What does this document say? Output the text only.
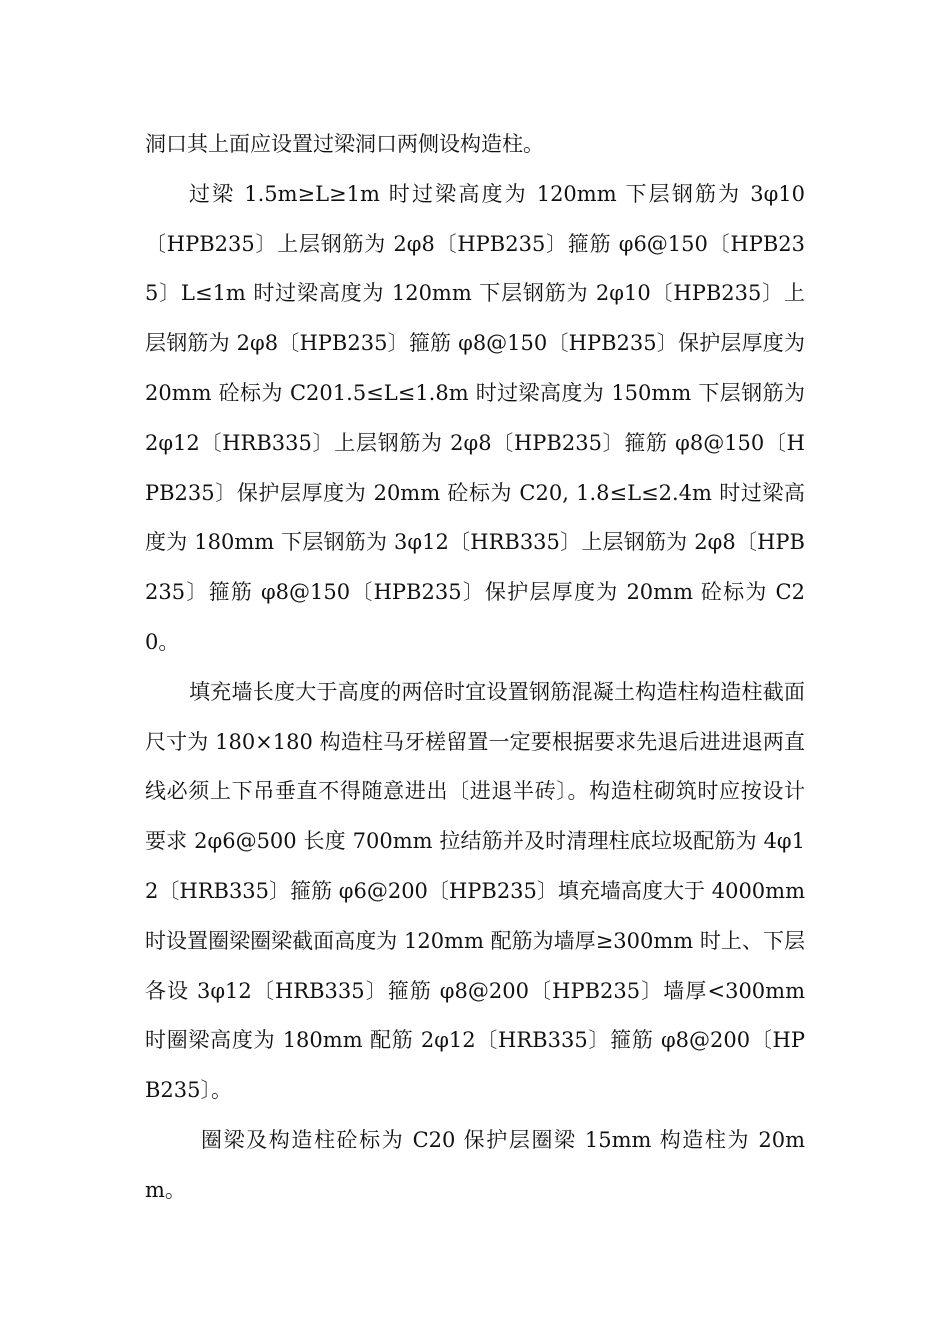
洞口其上面应设置过梁洞口两侧设构造柱。

过梁 1.5m≥L≥1m 时过梁高度为 120mm 下层钢筋为 3φ10〔HPB235〕上层钢筋为 2φ8〔HPB235〕箍筋 φ6@150〔HPB235〕L≤1m 时过梁高度为 120mm 下层钢筋为 2φ10〔HPB235〕上层钢筋为 2φ8〔HPB235〕箍筋 φ8@150〔HPB235〕保护层厚度为 20mm 砼标为 C201.5≤L≤1.8m 时过梁高度为 150mm 下层钢筋为 2φ12〔HRB335〕上层钢筋为 2φ8〔HPB235〕箍筋 φ8@150〔HPB235〕保护层厚度为 20mm 砼标为 C20, 1.8≤L≤2.4m 时过梁高度为 180mm 下层钢筋为 3φ12〔HRB335〕上层钢筋为 2φ8〔HPB235〕箍筋 φ8@150〔HPB235〕保护层厚度为 20mm 砼标为 C20。

填充墙长度大于高度的两倍时宜设置钢筋混凝土构造柱构造柱截面尺寸为 180×180 构造柱马牙槎留置一定要根据要求先退后进进退两直线必须上下吊垂直不得随意进出〔进退半砖〕。构造柱砌筑时应按设计要求 2φ6@500 长度 700mm 拉结筋并及时清理柱底垃圾配筋为 4φ12〔HRB335〕箍筋 φ6@200〔HPB235〕填充墙高度大于 4000mm 时设置圈梁圈梁截面高度为 120mm 配筋为墙厚≥300mm 时上、下层各设 3φ12〔HRB335〕箍筋 φ8@200〔HPB235〕墙厚<300mm 时圈梁高度为 180mm 配筋 2φ12〔HRB335〕箍筋 φ8@200〔HPB235〕。

圈梁及构造柱砼标为 C20 保护层圈梁 15mm 构造柱为 20mm。
